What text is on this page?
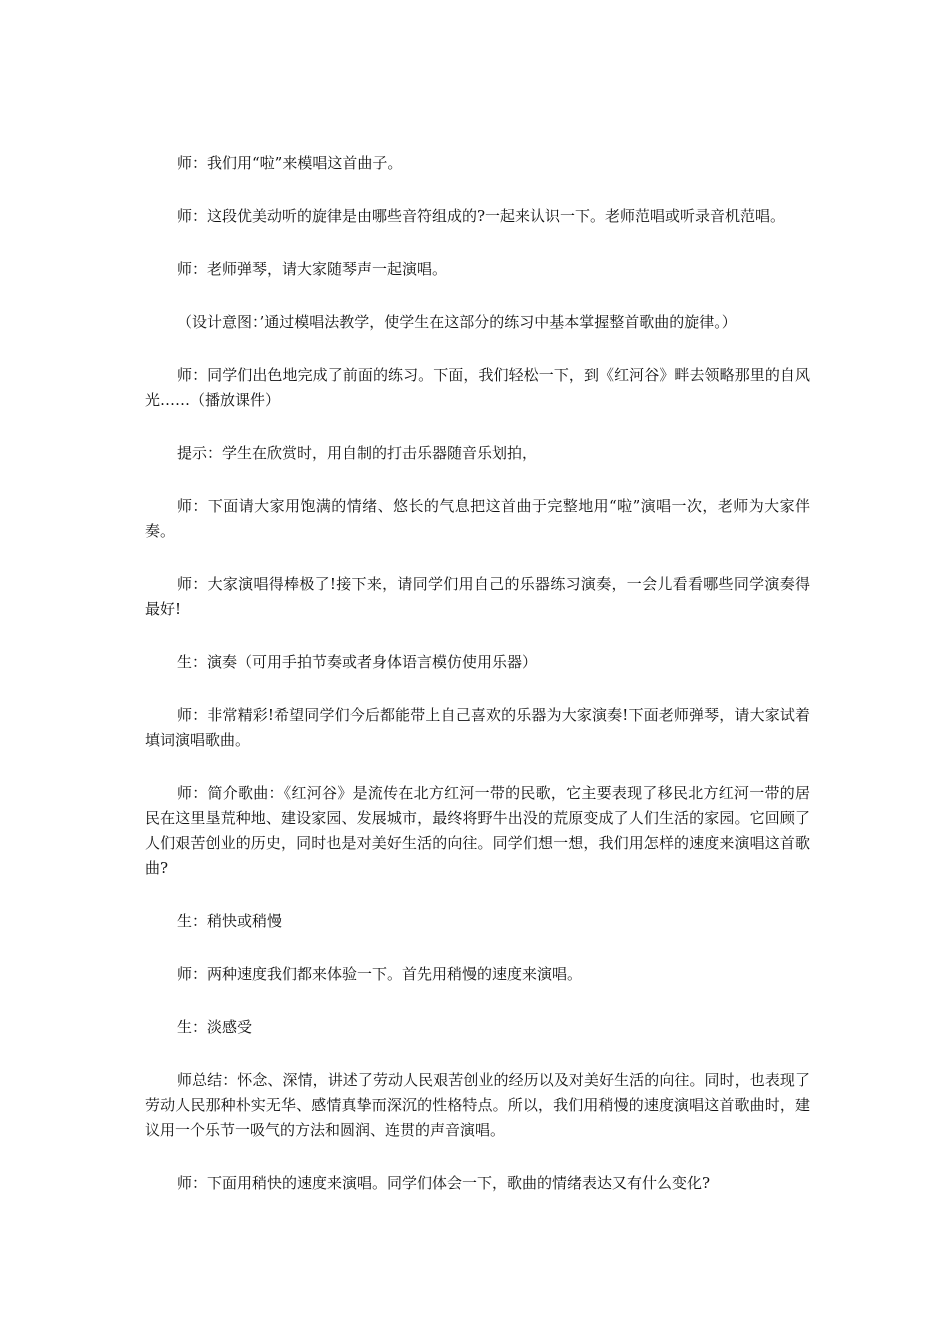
师：我们用“啦”来模唱这首曲子。

师：这段优美动听的旋律是由哪些音符组成的?一起来认识一下。老师范唱或听录音机范唱。

师：老师弹琴，请大家随琴声一起演唱。

（设计意图：’通过模唱法教学，使学生在这部分的练习中基本掌握整首歌曲的旋律。）

师：同学们出色地完成了前面的练习。下面，我们轻松一下，到《红河谷》畔去领略那里的自风光……（播放课件）

提示：学生在欣赏时，用自制的打击乐器随音乐划拍，

师：下面请大家用饱满的情绪、悠长的气息把这首曲于完整地用“啦”演唱一次，老师为大家伴奏。

师：大家演唱得棒极了!接下来，请同学们用自己的乐器练习演奏，一会儿看看哪些同学演奏得最好!

生：演奏（可用手拍节奏或者身体语言模仿使用乐器）

师：非常精彩!希望同学们今后都能带上自己喜欢的乐器为大家演奏!下面老师弹琴，请大家试着填词演唱歌曲。

师：简介歌曲：《红河谷》是流传在北方红河一带的民歌，它主要表现了移民北方红河一带的居民在这里垦荒种地、建设家园、发展城市，最终将野牛出没的荒原变成了人们生活的家园。它回顾了人们艰苦创业的历史，同时也是对美好生活的向往。同学们想一想，我们用怎样的速度来演唱这首歌曲?

生：稍快或稍慢

师：两种速度我们都来体验一下。首先用稍慢的速度来演唱。

生：淡感受

师总结：怀念、深情，讲述了劳动人民艰苦创业的经历以及对美好生活的向往。同时，也表现了劳动人民那种朴实无华、感情真挚而深沉的性格特点。所以，我们用稍慢的速度演唱这首歌曲时，建议用一个乐节一吸气的方法和圆润、连贯的声音演唱。

师：下面用稍快的速度来演唱。同学们体会一下，歌曲的情绪表达又有什么变化?
